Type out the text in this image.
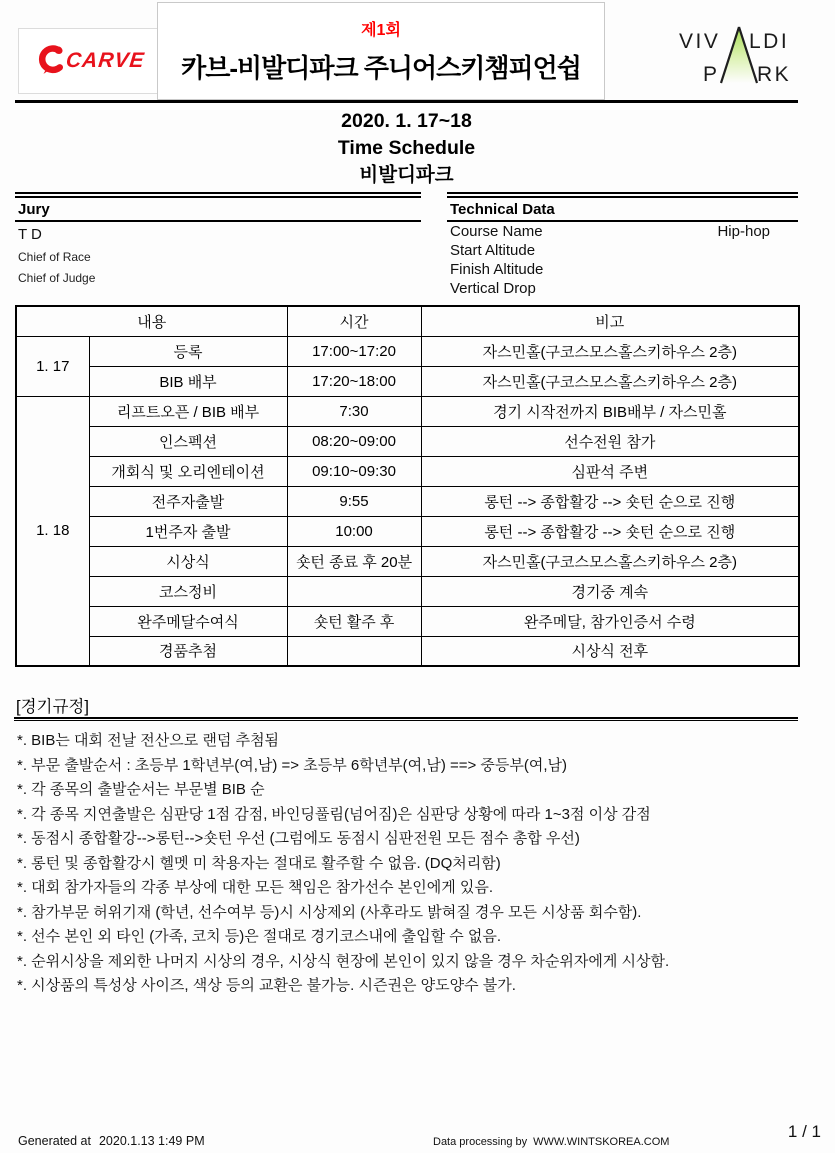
CARVE
제1회
카브-비발디파크 주니어스키챔피언쉽
VIV LDI
P RK
2020. 1. 17~18
Time Schedule
비발디파크
Jury
T D
Chief of Race
Chief of Judge
Technical Data
Course Name	Hip-hop
Start Altitude
Finish Altitude
Vertical Drop
내용		시간	비고
1. 17	등록	17:00~17:20	자스민홀(구코스모스홀스키하우스 2층)
	BIB 배부	17:20~18:00	자스민홀(구코스모스홀스키하우스 2층)
1. 18	리프트오픈 / BIB 배부	7:30	경기 시작전까지 BIB배부 / 자스민홀
	인스펙션	08:20~09:00	선수전원 참가
	개회식 및 오리엔테이션	09:10~09:30	심판석 주변
	전주자출발	9:55	롱턴 --> 종합활강 --> 숏턴 순으로 진행
	1번주자 출발	10:00	롱턴 --> 종합활강 --> 숏턴 순으로 진행
	시상식	숏턴 종료 후 20분	자스민홀(구코스모스홀스키하우스 2층)
	코스정비		경기중 계속
	완주메달수여식	숏턴 활주 후	완주메달, 참가인증서 수령
	경품추첨		시상식 전후
[경기규정]
*. BIB는 대회 전날 전산으로 랜덤 추첨됨
*. 부문 출발순서 : 초등부 1학년부(여,남) => 초등부 6학년부(여,남) ==> 중등부(여,남)
*. 각 종목의 출발순서는 부문별 BIB 순
*. 각 종목 지연출발은 심판당 1점 감점, 바인딩풀림(넘어짐)은 심판당 상황에 따라 1~3점 이상 감점
*. 동점시 종합활강-->롱턴-->숏턴 우선 (그럼에도 동점시 심판전원 모든 점수 총합 우선)
*. 롱턴 및 종합활강시 헬멧 미 착용자는 절대로 활주할 수 없음. (DQ처리함)
*. 대회 참가자들의 각종 부상에 대한 모든 책임은 참가선수 본인에게 있음.
*. 참가부문 허위기재 (학년, 선수여부 등)시 시상제외 (사후라도 밝혀질 경우 모든 시상품 회수함).
*. 선수 본인 외 타인 (가족, 코치 등)은 절대로 경기코스내에 출입할 수 없음.
*. 순위시상을 제외한 나머지 시상의 경우, 시상식 현장에 본인이 있지 않을 경우 차순위자에게 시상함.
*. 시상품의 특성상 사이즈, 색상 등의 교환은 불가능. 시즌권은 양도양수 불가.
Generated at 2020.1.13 1:49 PM	Data processing by WWW.WINTSKOREA.COM
1 / 1
